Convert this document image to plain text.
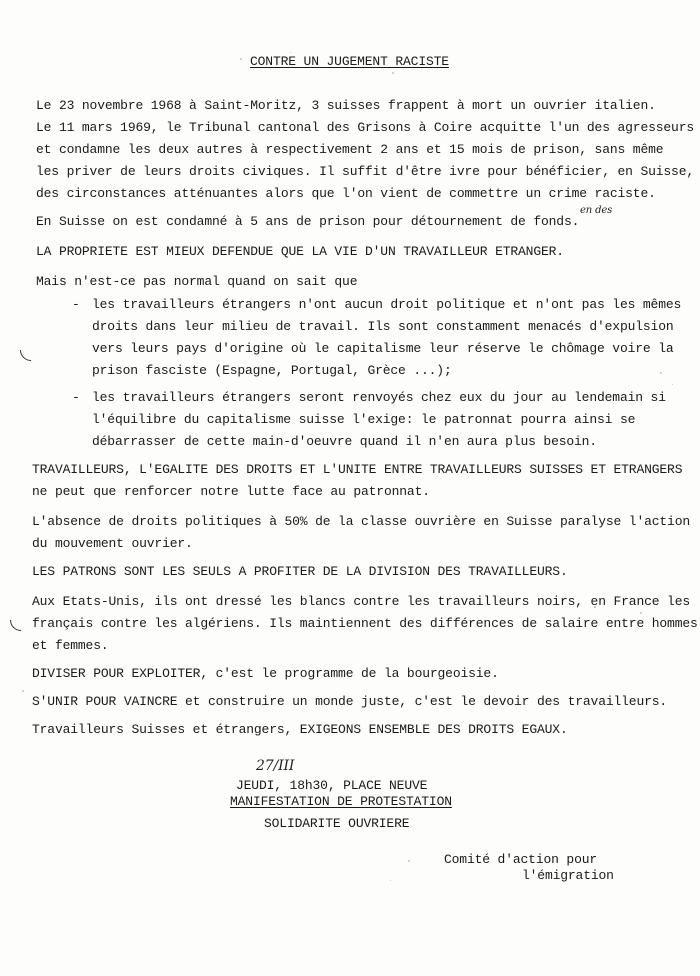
CONTRE UN JUGEMENT RACISTE
Le 23 novembre 1968 à Saint-Moritz, 3 suisses frappent à mort un ouvrier italien.
Le 11 mars 1969, le Tribunal cantonal des Grisons à Coire acquitte l'un des agresseurs
et condamne les deux autres à respectivement 2 ans et 15 mois de prison, sans même
les priver de leurs droits civiques. Il suffit d'être ivre pour bénéficier, en Suisse,
des circonstances atténuantes alors que l'on vient de commettre un crime raciste.
en des
En Suisse on est condamné à 5 ans de prison pour détournement de fonds.
LA PROPRIETE EST MIEUX DEFENDUE QUE LA VIE D'UN TRAVAILLEUR ETRANGER.
Mais n'est-ce pas normal quand on sait que
- les travailleurs étrangers n'ont aucun droit politique et n'ont pas les mêmes
droits dans leur milieu de travail. Ils sont constamment menacés d'expulsion
vers leurs pays d'origine où le capitalisme leur réserve le chômage voire la
prison fasciste (Espagne, Portugal, Grèce ...);
- les travailleurs étrangers seront renvoyés chez eux du jour au lendemain si
l'équilibre du capitalisme suisse l'exige: le patronnat pourra ainsi se
débarrasser de cette main-d'oeuvre quand il n'en aura plus besoin.
TRAVAILLEURS, L'EGALITE DES DROITS ET L'UNITE ENTRE TRAVAILLEURS SUISSES ET ETRANGERS
ne peut que renforcer notre lutte face au patronnat.
L'absence de droits politiques à 50% de la classe ouvrière en Suisse paralyse l'action
du mouvement ouvrier.
LES PATRONS SONT LES SEULS A PROFITER DE LA DIVISION DES TRAVAILLEURS.
Aux Etats-Unis, ils ont dressé les blancs contre les travailleurs noirs, en France les
français contre les algériens. Ils maintiennent des différences de salaire entre hommes
et femmes.
DIVISER POUR EXPLOITER, c'est le programme de la bourgeoisie.
S'UNIR POUR VAINCRE et construire un monde juste, c'est le devoir des travailleurs.
Travailleurs Suisses et étrangers, EXIGEONS ENSEMBLE DES DROITS EGAUX.
27/III
JEUDI, 18h30, PLACE NEUVE
MANIFESTATION DE PROTESTATION
SOLIDARITE OUVRIERE
Comité d'action pour
l'émigration
